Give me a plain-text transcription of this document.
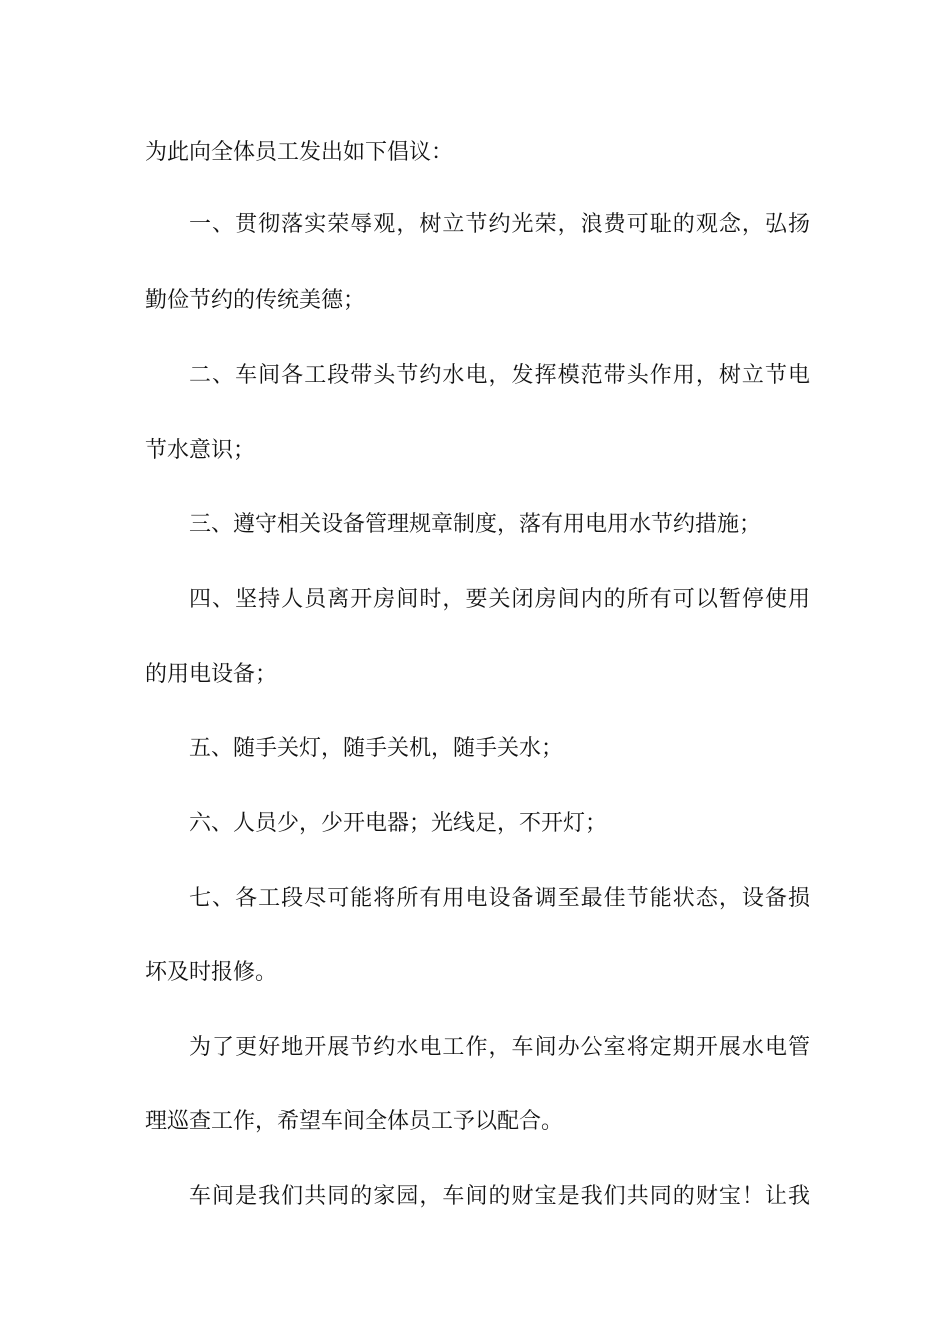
为此向全体员工发出如下倡议：
一、贯彻落实荣辱观，树立节约光荣，浪费可耻的观念，弘扬
勤俭节约的传统美德；
二、车间各工段带头节约水电，发挥模范带头作用，树立节电
节水意识；
三、遵守相关设备管理规章制度，落有用电用水节约措施；
四、坚持人员离开房间时，要关闭房间内的所有可以暂停使用
的用电设备；
五、随手关灯，随手关机，随手关水；
六、人员少，少开电器；光线足，不开灯；
七、各工段尽可能将所有用电设备调至最佳节能状态，设备损
坏及时报修。
为了更好地开展节约水电工作，车间办公室将定期开展水电管
理巡查工作，希望车间全体员工予以配合。
车间是我们共同的家园，车间的财宝是我们共同的财宝！让我
